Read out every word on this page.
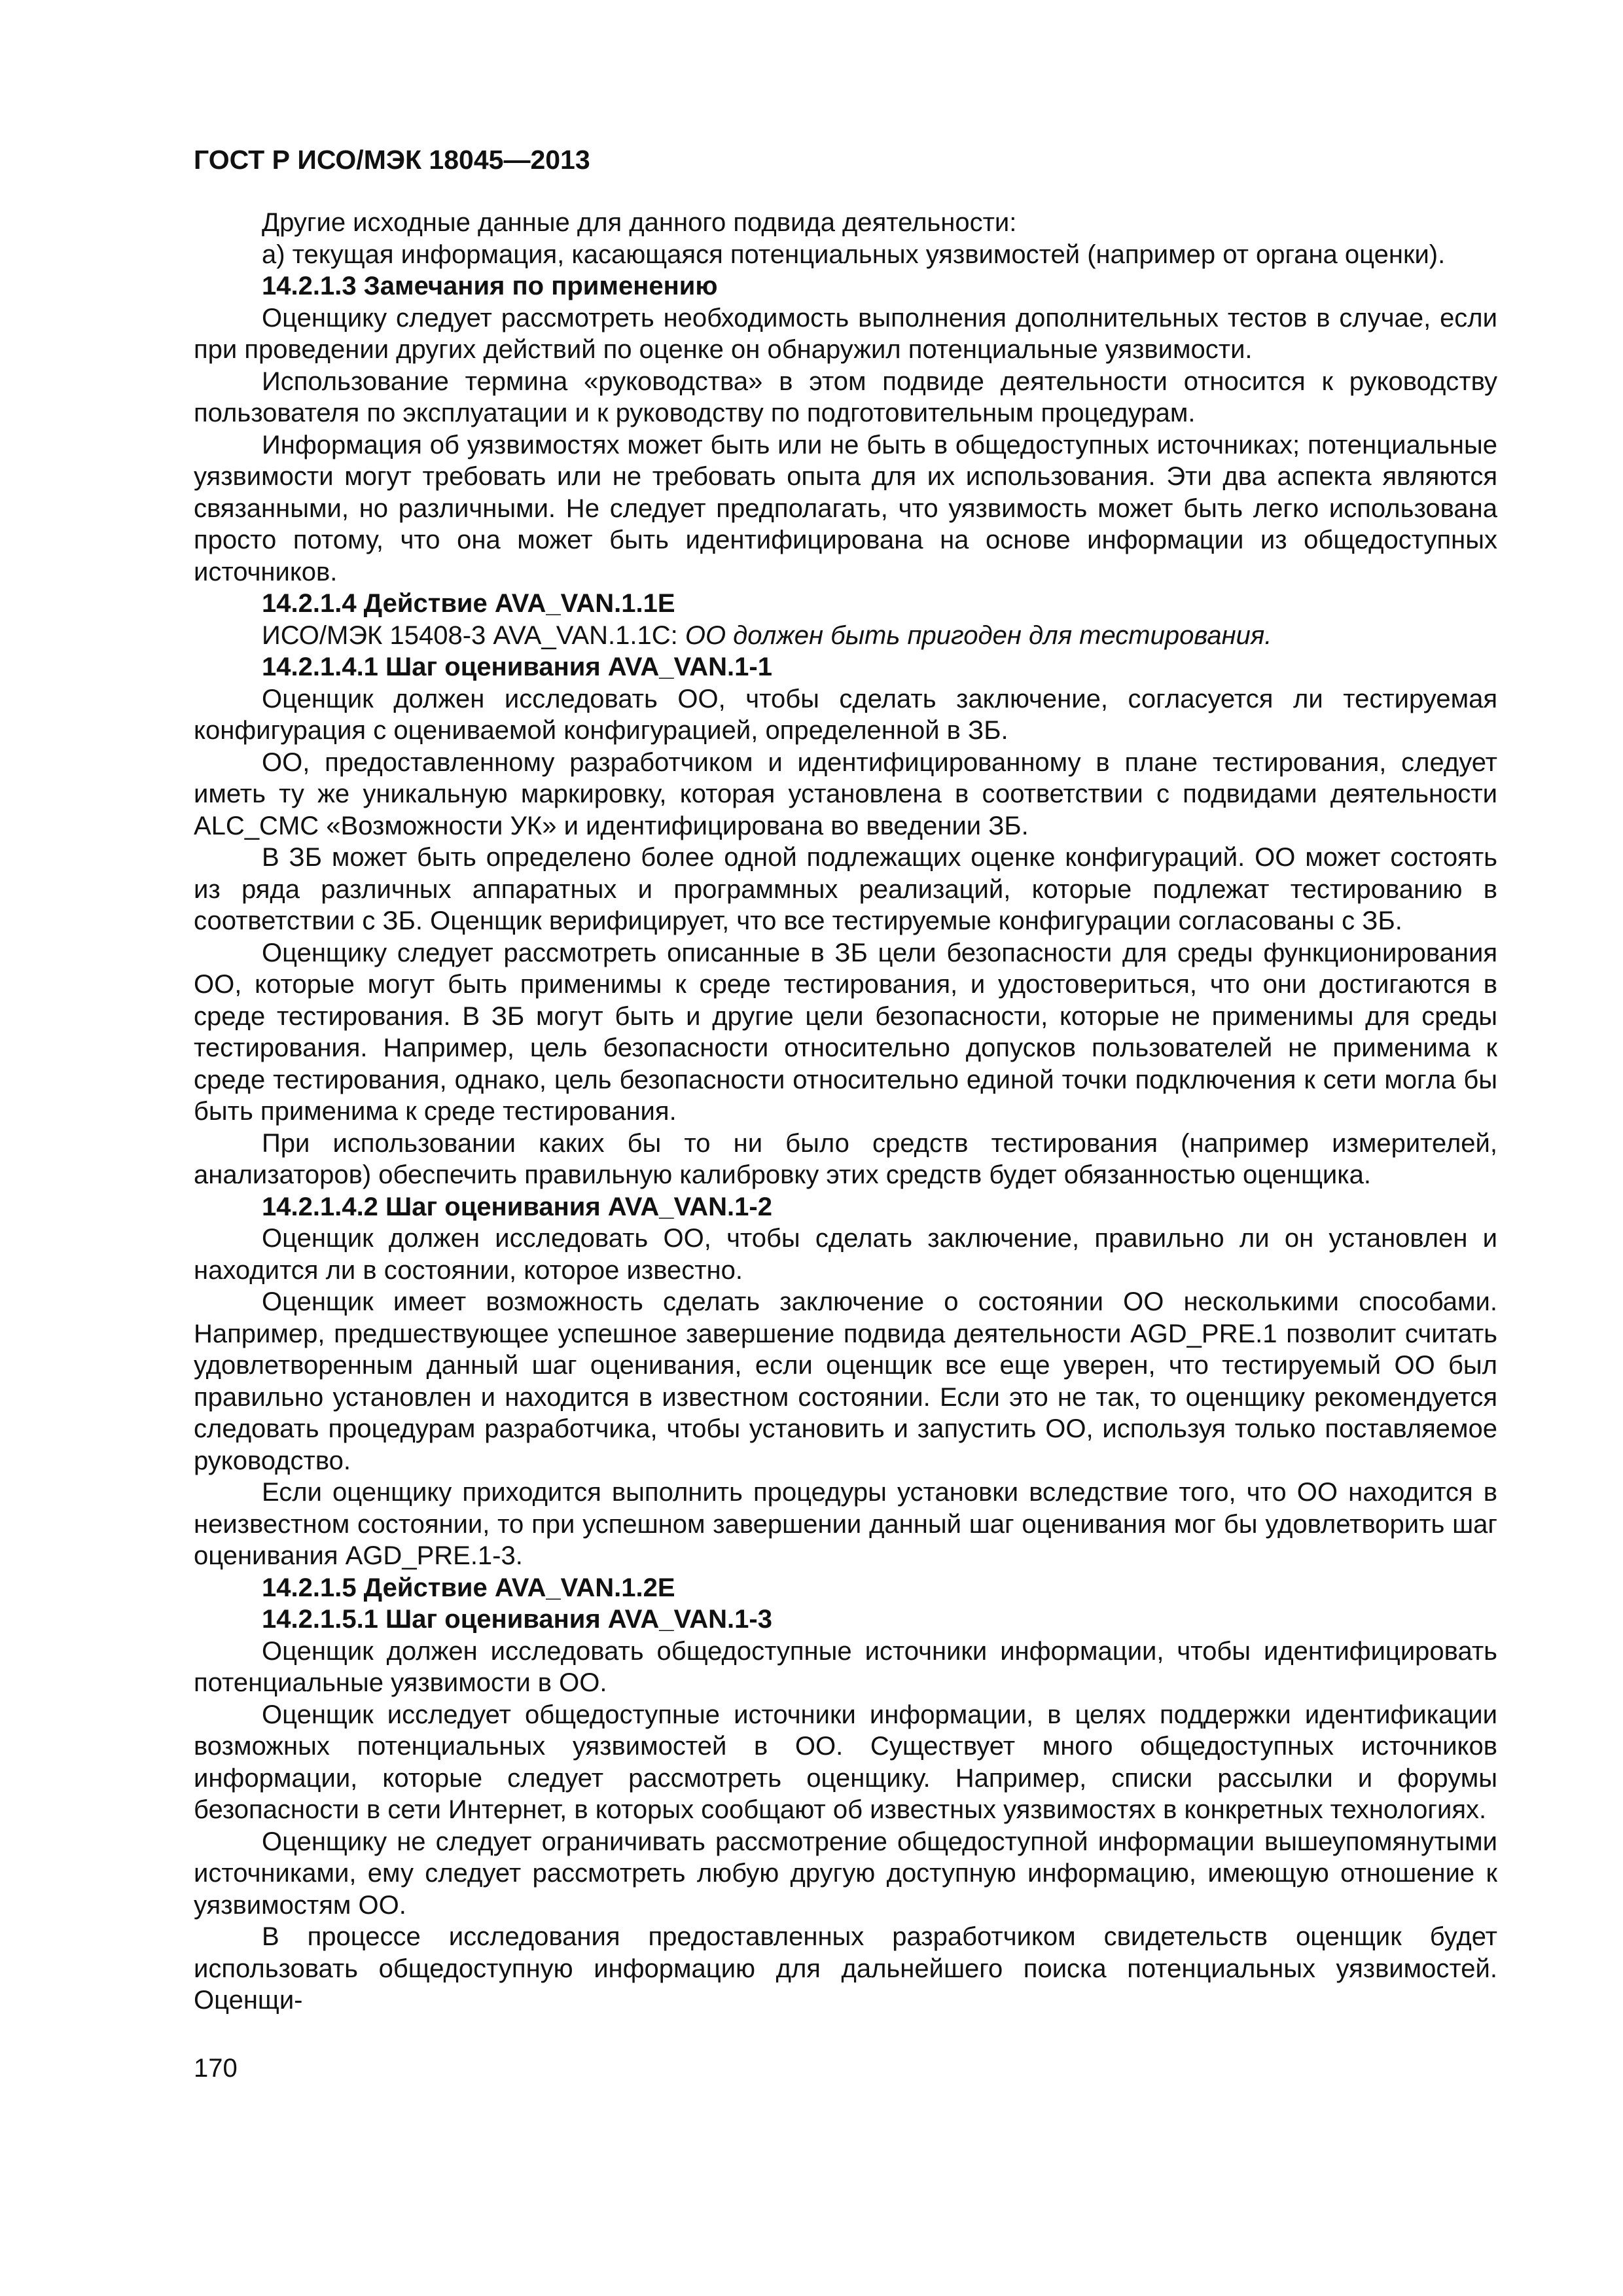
ГОСТ Р ИСО/МЭК 18045—2013

Другие исходные данные для данного подвида деятельности:

а) текущая информация, касающаяся потенциальных уязвимостей (например от органа оценки).

14.2.1.3 Замечания по применению

Оценщику следует рассмотреть необходимость выполнения дополнительных тестов в случае, если при проведении других действий по оценке он обнаружил потенциальные уязвимости.

Использование термина «руководства» в этом подвиде деятельности относится к руководству пользователя по эксплуатации и к руководству по подготовительным процедурам.

Информация об уязвимостях может быть или не быть в общедоступных источниках; потенциальные уязвимости могут требовать или не требовать опыта для их использования. Эти два аспекта являются связанными, но различными. Не следует предполагать, что уязвимость может быть легко использована просто потому, что она может быть идентифицирована на основе информации из общедоступных источников.

14.2.1.4 Действие AVA_VAN.1.1E

ИСО/МЭК 15408-3 AVA_VAN.1.1C: ОО должен быть пригоден для тестирования.

14.2.1.4.1 Шаг оценивания AVA_VAN.1-1

Оценщик должен исследовать ОО, чтобы сделать заключение, согласуется ли тестируемая конфигурация с оцениваемой конфигурацией, определенной в ЗБ.

ОО, предоставленному разработчиком и идентифицированному в плане тестирования, следует иметь ту же уникальную маркировку, которая установлена в соответствии с подвидами деятельности ALC_CMC «Возможности УК» и идентифицирована во введении ЗБ.

В ЗБ может быть определено более одной подлежащих оценке конфигураций. ОО может состоять из ряда различных аппаратных и программных реализаций, которые подлежат тестированию в соответствии с ЗБ. Оценщик верифицирует, что все тестируемые конфигурации согласованы с ЗБ.

Оценщику следует рассмотреть описанные в ЗБ цели безопасности для среды функционирования ОО, которые могут быть применимы к среде тестирования, и удостовериться, что они достигаются в среде тестирования. В ЗБ могут быть и другие цели безопасности, которые не применимы для среды тестирования. Например, цель безопасности относительно допусков пользователей не применима к среде тестирования, однако, цель безопасности относительно единой точки подключения к сети могла бы быть применима к среде тестирования.

При использовании каких бы то ни было средств тестирования (например измерителей, анализаторов) обеспечить правильную калибровку этих средств будет обязанностью оценщика.

14.2.1.4.2 Шаг оценивания AVA_VAN.1-2

Оценщик должен исследовать ОО, чтобы сделать заключение, правильно ли он установлен и находится ли в состоянии, которое известно.

Оценщик имеет возможность сделать заключение о состоянии ОО несколькими способами. Например, предшествующее успешное завершение подвида деятельности AGD_PRE.1 позволит считать удовлетворенным данный шаг оценивания, если оценщик все еще уверен, что тестируемый ОО был правильно установлен и находится в известном состоянии. Если это не так, то оценщику рекомендуется следовать процедурам разработчика, чтобы установить и запустить ОО, используя только поставляемое руководство.

Если оценщику приходится выполнить процедуры установки вследствие того, что ОО находится в неизвестном состоянии, то при успешном завершении данный шаг оценивания мог бы удовлетворить шаг оценивания AGD_PRE.1-3.

14.2.1.5 Действие AVA_VAN.1.2E

14.2.1.5.1 Шаг оценивания AVA_VAN.1-3

Оценщик должен исследовать общедоступные источники информации, чтобы идентифицировать потенциальные уязвимости в ОО.

Оценщик исследует общедоступные источники информации, в целях поддержки идентификации возможных потенциальных уязвимостей в ОО. Существует много общедоступных источников информации, которые следует рассмотреть оценщику. Например, списки рассылки и форумы безопасности в сети Интернет, в которых сообщают об известных уязвимостях в конкретных технологиях.

Оценщику не следует ограничивать рассмотрение общедоступной информации вышеупомянутыми источниками, ему следует рассмотреть любую другую доступную информацию, имеющую отношение к уязвимостям ОО.

В процессе исследования предоставленных разработчиком свидетельств оценщик будет использовать общедоступную информацию для дальнейшего поиска потенциальных уязвимостей. Оценщи-

170
